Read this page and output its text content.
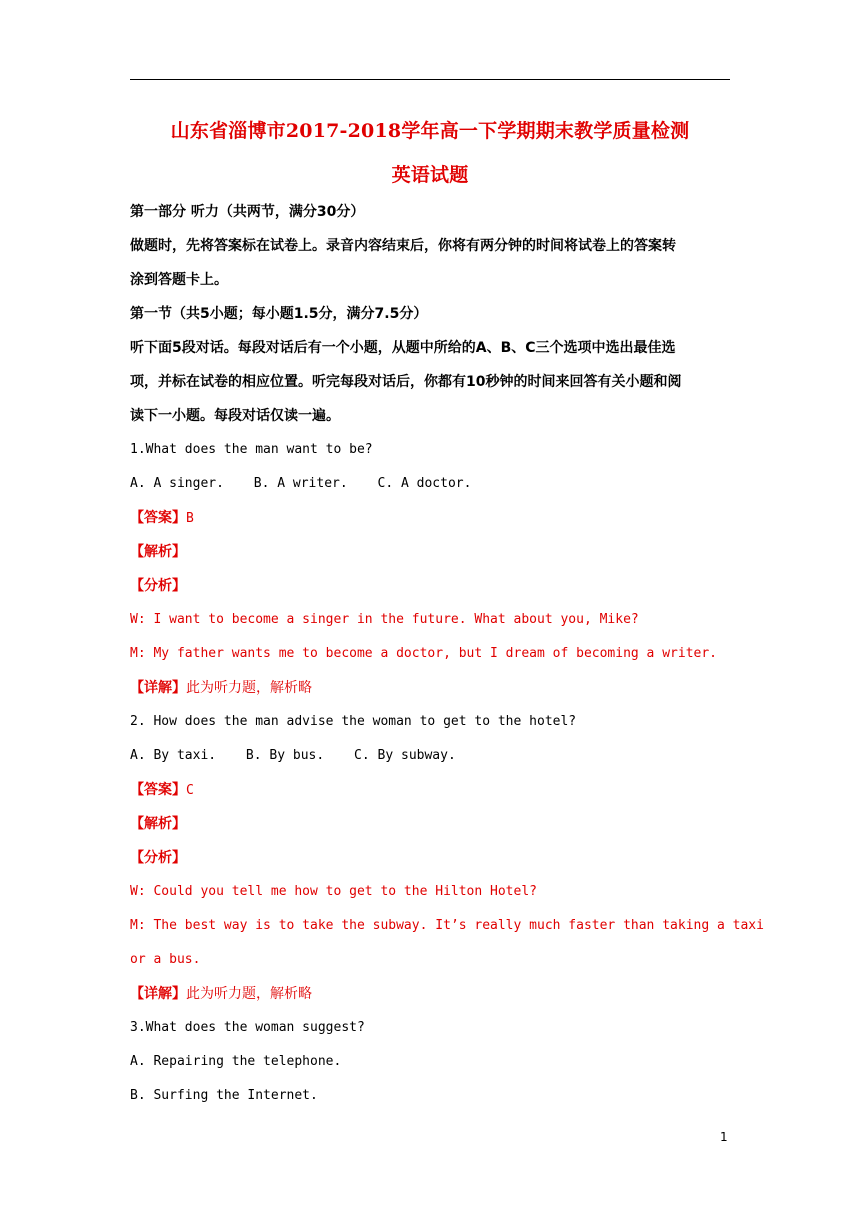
山东省淄博市2017-2018学年高一下学期期末教学质量检测
英语试题
第一部分 听力（共两节，满分30分）
做题时，先将答案标在试卷上。录音内容结束后，你将有两分钟的时间将试卷上的答案转
涂到答题卡上。
第一节（共5小题；每小题1.5分，满分7.5分）
听下面5段对话。每段对话后有一个小题，从题中所给的A、B、C三个选项中选出最佳选
项，并标在试卷的相应位置。听完每段对话后，你都有10秒钟的时间来回答有关小题和阅
读下一小题。每段对话仅读一遍。
1.What does the man want to be?
A. A singer. B. A writer. C. A doctor.
【答案】B
【解析】
【分析】
W: I want to become a singer in the future. What about you, Mike?
M: My father wants me to become a doctor, but I dream of becoming a writer.
【详解】此为听力题，解析略
2. How does the man advise the woman to get to the hotel?
A. By taxi. B. By bus. C. By subway.
【答案】C
【解析】
【分析】
W: Could you tell me how to get to the Hilton Hotel?
M: The best way is to take the subway. It’s really much faster than taking a taxi
or a bus.
【详解】此为听力题，解析略
3.What does the woman suggest?
A. Repairing the telephone.
B. Surfing the Internet.
1
